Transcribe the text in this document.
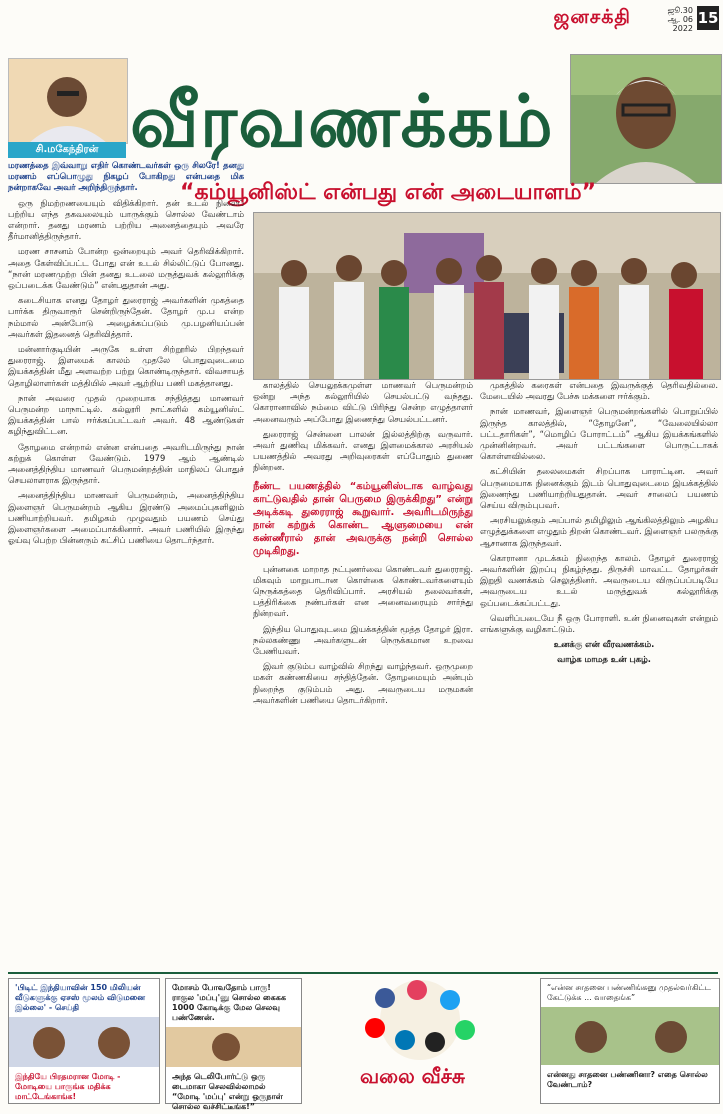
ஜனசக்தி	ஜூ.30
ஆ. 06
2022
15
சி.மகேந்திரன் வீரவணக்கம்
“கம்யூனிஸ்ட் என்பது என் அடையாளம்”

மரணத்தை இவ்வாறு எதிர் கொண்டவர்கள் ஒரு சிலரே! தனது மரணம் எப்பொழுது நிகழப் போகிறது என்பதை மிக நன்றாகவே அவர் அறிந்திருந்தார்.

ஒரு நிமற்றணயையும் விதிக்கிறார். தன் உடல் நிலைப் பற்றிய எந்த தகவலையும் யாருக்கும் சொல்ல வேண்டாம் என்றார். தனது மரணம் பற்றிய அனைத்தையும் அவரே தீர்மானித்திருந்தார்.

மரண சாசனம் போன்ற ஒன்றையும் அவர் தெரிவிக்கிறார். அதை கேள்விப்பட்ட போது என் உடல் சில்லிட்டுப் போனது. “நான் மரணமுற்ற பின் தனது உடலை மருத்துவக் கல்லூரிக்கு ஒப்படைக்க வேண்டும்” என்பதுதான் அது.

கடைசியாக எனது தோழர் துரைராஜ் அவர்களின் முகத்தை பார்க்க திருவாரூர் சென்றிருந்தேன். தோழர் மு.ப என்ற நம்மால் அன்போடு அழைக்கப்படும் மு.பழனியப்பன் அவர்கள் இதனைத் தெரிவித்தார்.

மன்னார்குடியின் அருகே உள்ள சிற்றூரில் பிறந்தவர் துரைராஜ். இளமைக் காலம் முதலே பொதுவுடைமை இயக்கத்தின் மீது அளவற்ற பற்று கொண்டிருந்தார். விவசாயத் தொழிலாளர்கள் மத்தியில் அவர் ஆற்றிய பணி மகத்தானது.

நான் அவரை முதல் முறையாக சந்தித்தது மாணவர் பெருமன்ற மாநாட்டில். கல்லூரி நாட்களில் கம்யூனிஸ்ட் இயக்கத்தின் பால் ஈர்க்கப்பட்டவர் அவர். 48 ஆண்டுகள் கழிந்துவிட்டன.

தோழமை என்றால் என்ன என்பதை அவரிடமிருந்து நான் கற்றுக் கொள்ள வேண்டும். 1979 ஆம் ஆண்டில் அனைத்திந்திய மாணவர் பெருமன்றத்தின் மாநிலப் பொதுச் செயலாளராக இருந்தார்.

அனைத்திந்திய மாணவர் பெருமன்றம், அனைத்திந்திய இளைஞர் பெருமன்றம் ஆகிய இரண்டு அமைப்புகளிலும் பணியாற்றியவர். தமிழகம் முழுவதும் பயணம் செய்து இளைஞர்களை அமைப்பாக்கினார். அவர் பணியில் இருந்து ஓய்வு பெற்ற பின்னரும் கட்சிப் பணியை தொடர்ந்தார்.

காலத்தில் செயலூக்கமுள்ள மாணவர் பெருமன்றம் ஒன்று அந்த கல்லூரியில் செயல்பட்டு வந்தது. கொரானாவில் நம்மை விட்டு பிரிந்து சென்ற எழுத்தாளர் அனைவரும் அப்போது இணைந்து செயல்பட்டனர்.

துரைராஜ் சென்னை பாலன் இல்லத்திற்கு வருவார். அவர் துணிவு மிக்கவர். எனது இளமைக்கால அரசியல் பயணத்தில் அவரது அறிவுரைகள் எப்போதும் துணை நின்றன.

நீண்ட பயணத்தில் “கம்யூனிஸ்டாக வாழ்வது காட்டுவதில் தான் பெருமை இருக்கிறது” என்று அடிக்கடி துரைராஜ் கூறுவார். அவரிடமிருந்து நான் கற்றுக் கொண்ட ஆளுமையை என் கண்ணீரால் தான் அவருக்கு நன்றி சொல்ல முடிகிறது.

புன்னகை மாறாத நட்புணர்வை கொண்டவர் துரைராஜ். மிகவும் மாறுபாடான கொள்கை கொண்டவர்களையும் நெருக்கத்தை தெரிவிப்பார். அரசியல் தலைவர்கள், பத்திரிக்கை நண்பர்கள் என அனைவரையும் சார்ந்து நின்றவர்.

இந்திய பொதுவுடமை இயக்கத்தின் மூத்த தோழர் இரா. நல்லகண்ணு அவர்களுடன் நெருக்கமான உறவை பேணியவர்.

இவர் குடும்ப வாழ்வில் சிறந்து வாழ்ந்தவர். ஒருமுறை மகள் கண்ணகியை சந்தித்தேன். தோழமையும் அன்பும் நிறைந்த குடும்பம் அது. அவருடைய மருமகன் அவர்களின் பணியை தொடர்கிறார்.

முகத்தில் கரைகள் என்பதை இவருக்குத் தெரிவதில்லை. மேடையில் அவரது பேச்சு மக்களை ஈர்க்கும்.

நான் மாணவர், இளைஞர் பெருமன்றங்களில் பொறுப்பில் இருந்த காலத்தில், “தோழனே”, “வேலையில்லா பட்டதாரிகள்”, “மொழிப் போராட்டம்” ஆகிய இயக்கங்களில் முன்னின்றவர். அவர் பட்டங்களை பொருட்டாகக் கொள்ளவில்லை.

கட்சியின் தலைமைகள் சிறப்பாக பாராட்டின. அவர் பெருமையாக நினைக்கும் இடம் பொதுவுடைமை இயக்கத்தில் இணைந்து பணியாற்றியதுதான். அவர் சாலைப் பயணம் செய்ய விரும்புபவர்.

அரசியலுக்கும் அப்பால் தமிழிலும் ஆங்கிலத்திலும் அழகிய எழுத்துக்களை எழுதும் திறன் கொண்டவர். இளைஞர் பலருக்கு ஆசானாக இருந்தவர்.

கொரானா முடக்கம் நிறைந்த காலம். தோழர் துரைராஜ் அவர்களின் இறப்பு நிகழ்ந்தது. திருச்சி மாவட்ட தோழர்கள் இறுதி வணக்கம் செலுத்தினர். அவருடைய விருப்பப்படியே அவருடைய உடல் மருத்துவக் கல்லூரிக்கு ஒப்படைக்கப்பட்டது.

வெளிப்படையே நீ ஒரு போராளி. உன் நினைவுகள் என்றும் எங்களுக்கு வழிகாட்டும்.

உனக்கு என் வீரவணக்கம்.

வாழ்க மாமத உன் புகழ்.

'பிடிட் இந்தியாவின் 150 மிலியன் வீடுகளுக்கு ஏசஸ் மூலம் விடுமனை இல்லை' - செய்தி
இந்தியே பிரதமரான மோடி - மோடியை பாருங்க மதிக்க மாட்டேங்காங்க!
மோசம் போவதோம் பாரு! ராகுல 'மப்பு'னு சொல்ல கைகக 1000 கோடிக்கு மேல செலவு பண்ணேன்.
அந்த டெலிபோர்ட்டு ஒரு டைமாகா செலவில்லாமல் “மோடி 'மப்பு' என்று ஒருநாள் சொல்ல வச்சிட்டீங்க!”
வலை வீச்சு
“என்ன சாதனை பண்ணிங்கனு முதல்வர்கிட்ட கேட்டுக்க ... வாதைங்க”
என்னது சாதனை பண்ணினா? எதை சொல்ல வேண்டாம்?
